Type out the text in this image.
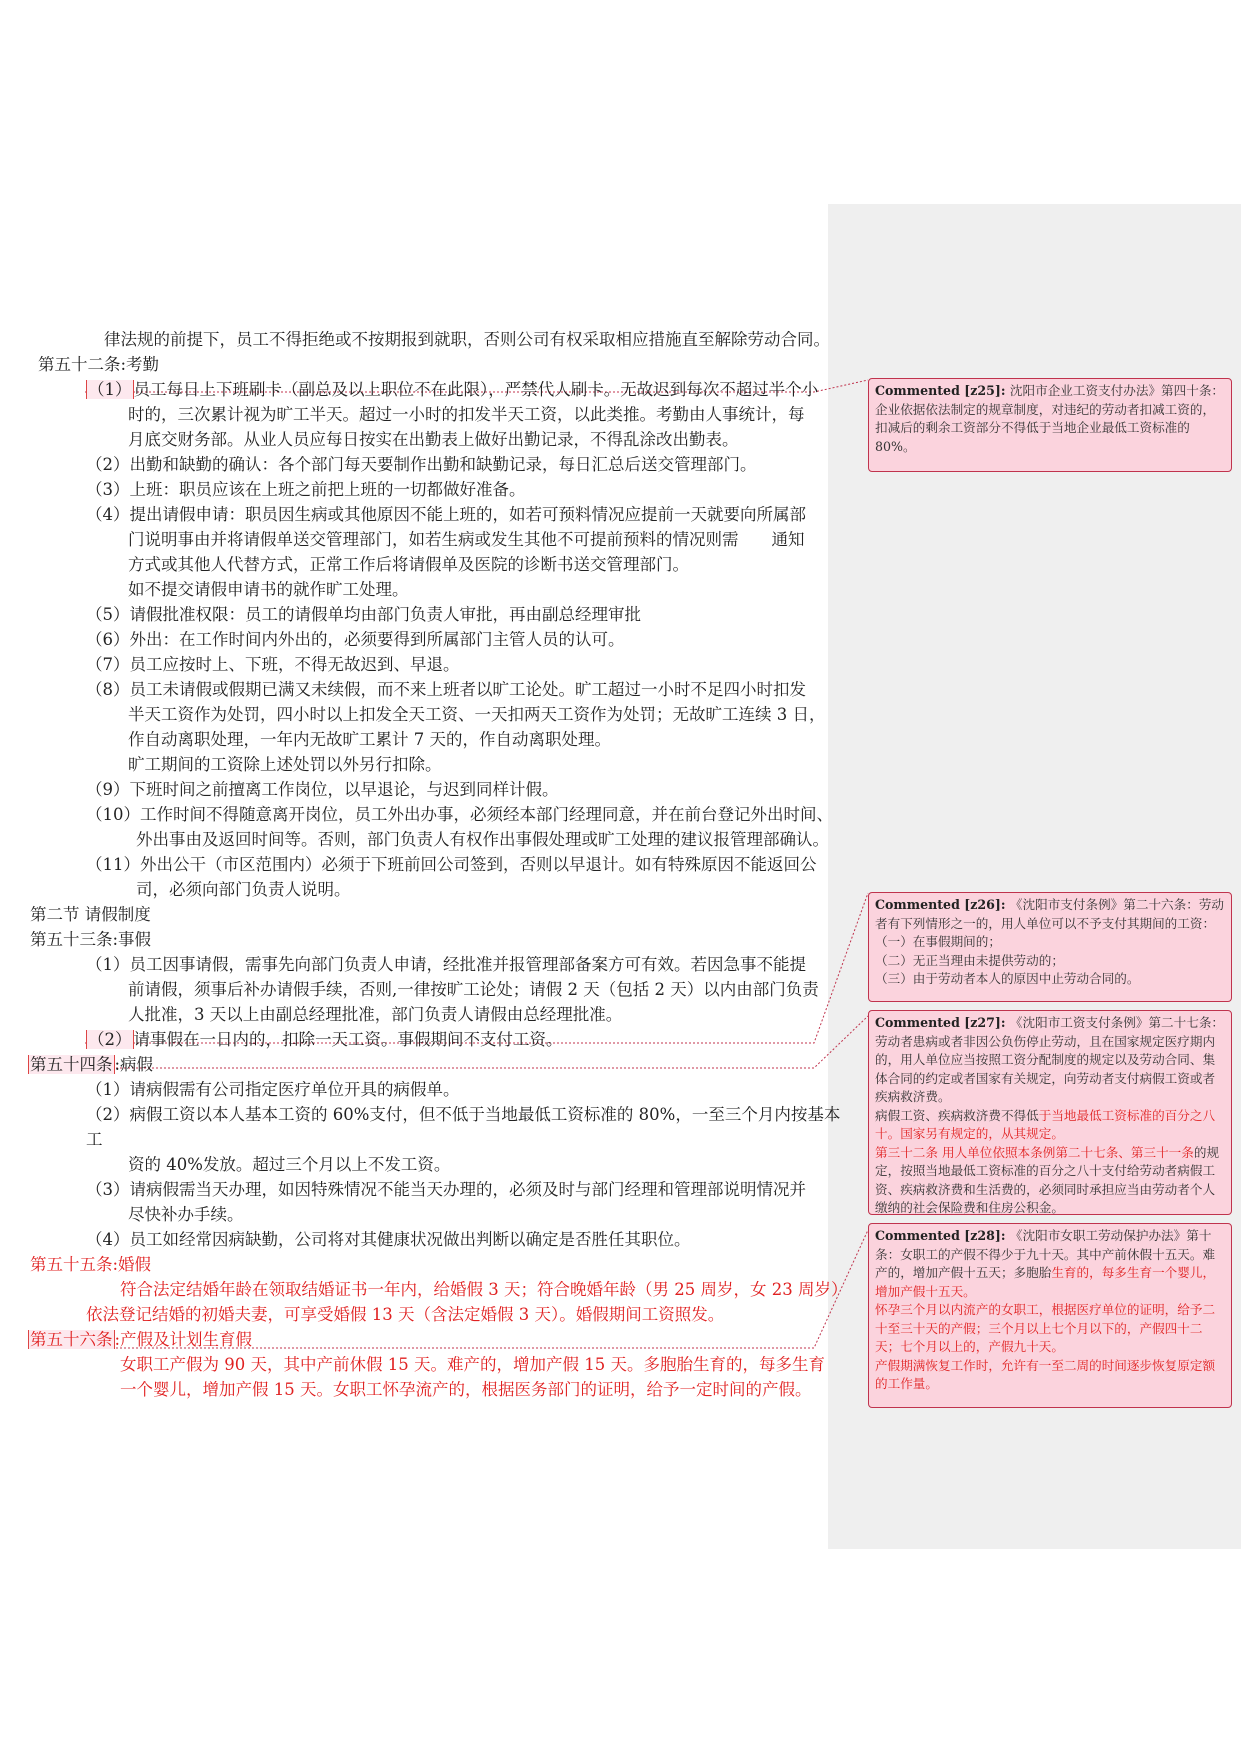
律法规的前提下，员工不得拒绝或不按期报到就职，否则公司有权采取相应措施直至解除劳动合同。
第五十二条:考勤
（1） 员工每日上下班刷卡（副总及以上职位不在此限），严禁代人刷卡。无故迟到每次不超过半个小
时的，三次累计视为旷工半天。超过一小时的扣发半天工资，以此类推。考勤由人事统计，每
月底交财务部。从业人员应每日按实在出勤表上做好出勤记录，不得乱涂改出勤表。
（2）出勤和缺勤的确认：各个部门每天要制作出勤和缺勤记录，每日汇总后送交管理部门。
（3）上班：职员应该在上班之前把上班的一切都做好准备。
（4）提出请假申请：职员因生病或其他原因不能上班的，如若可预料情况应提前一天就要向所属部
门说明事由并将请假单送交管理部门，如若生病或发生其他不可提前预料的情况则需　　通知
方式或其他人代替方式，正常工作后将请假单及医院的诊断书送交管理部门。
如不提交请假申请书的就作旷工处理。
（5）请假批准权限：员工的请假单均由部门负责人审批，再由副总经理审批
（6）外出：在工作时间内外出的，必须要得到所属部门主管人员的认可。
（7）员工应按时上、下班，不得无故迟到、早退。
（8）员工未请假或假期已满又未续假，而不来上班者以旷工论处。旷工超过一小时不足四小时扣发
半天工资作为处罚，四小时以上扣发全天工资、一天扣两天工资作为处罚；无故旷工连续 3 日，
作自动离职处理，一年内无故旷工累计 7 天的，作自动离职处理。
旷工期间的工资除上述处罚以外另行扣除。
（9）下班时间之前擅离工作岗位，以早退论，与迟到同样计假。
（10）工作时间不得随意离开岗位，员工外出办事，必须经本部门经理同意，并在前台登记外出时间、
外出事由及返回时间等。否则，部门负责人有权作出事假处理或旷工处理的建议报管理部确认。
（11）外出公干（市区范围内）必须于下班前回公司签到，否则以早退计。如有特殊原因不能返回公
司，必须向部门负责人说明。
第二节 请假制度
第五十三条:事假
（1）员工因事请假，需事先向部门负责人申请，经批准并报管理部备案方可有效。若因急事不能提
前请假，须事后补办请假手续，否则,一律按旷工论处；请假 2 天（包括 2 天）以内由部门负责
人批准，3 天以上由副总经理批准，部门负责人请假由总经理批准。
（2） 请事假在一日内的，扣除一天工资。事假期间不支付工资。
第五十四条 :病假
（1）请病假需有公司指定医疗单位开具的病假单。
（2）病假工资以本人基本工资的 60%支付，但不低于当地最低工资标准的 80%，一至三个月内按基本
工
资的 40%发放。超过三个月以上不发工资。
（3）请病假需当天办理，如因特殊情况不能当天办理的，必须及时与部门经理和管理部说明情况并
尽快补办手续。
（4）员工如经常因病缺勤，公司将对其健康状况做出判断以确定是否胜任其职位。
第五十五条:婚假
符合法定结婚年龄在领取结婚证书一年内，给婚假 3 天；符合晚婚年龄（男 25 周岁，女 23 周岁）
依法登记结婚的初婚夫妻，可享受婚假 13 天（含法定婚假 3 天）。婚假期间工资照发。
第五十六条 :产假及计划生育假
女职工产假为 90 天，其中产前休假 15 天。难产的，增加产假 15 天。多胞胎生育的，每多生育
一个婴儿，增加产假 15 天。女职工怀孕流产的，根据医务部门的证明，给予一定时间的产假。

Commented [z25]: 沈阳市企业工资支付办法》第四十条：企业依据依法制定的规章制度，对违纪的劳动者扣减工资的，扣减后的剩余工资部分不得低于当地企业最低工资标准的 80%。

Commented [z26]: 《沈阳市支付条例》第二十六条：劳动者有下列情形之一的，用人单位可以不予支付其期间的工资：

（一）在事假期间的；

（二）无正当理由未提供劳动的；

（三）由于劳动者本人的原因中止劳动合同的。

Commented [z27]: 《沈阳市工资支付条例》第二十七条：劳动者患病或者非因公负伤停止劳动，且在国家规定医疗期内的，用人单位应当按照工资分配制度的规定以及劳动合同、集体合同的约定或者国家有关规定，向劳动者支付病假工资或者疾病救济费。

病假工资、疾病救济费不得低于当地最低工资标准的百分之八十。国家另有规定的，从其规定。

第三十二条 用人单位依照本条例第二十七条、第三十一条的规定，按照当地最低工资标准的百分之八十支付给劳动者病假工资、疾病救济费和生活费的，必须同时承担应当由劳动者个人缴纳的社会保险费和住房公积金。

Commented [z28]: 《沈阳市女职工劳动保护办法》第十条：女职工的产假不得少于九十天。其中产前休假十五天。难产的，增加产假十五天；多胞胎生育的，每多生育一个婴儿，增加产假十五天。

怀孕三个月以内流产的女职工，根据医疗单位的证明，给予二十至三十天的产假；三个月以上七个月以下的，产假四十二天；七个月以上的，产假九十天。

产假期满恢复工作时，允许有一至二周的时间逐步恢复原定额的工作量。
